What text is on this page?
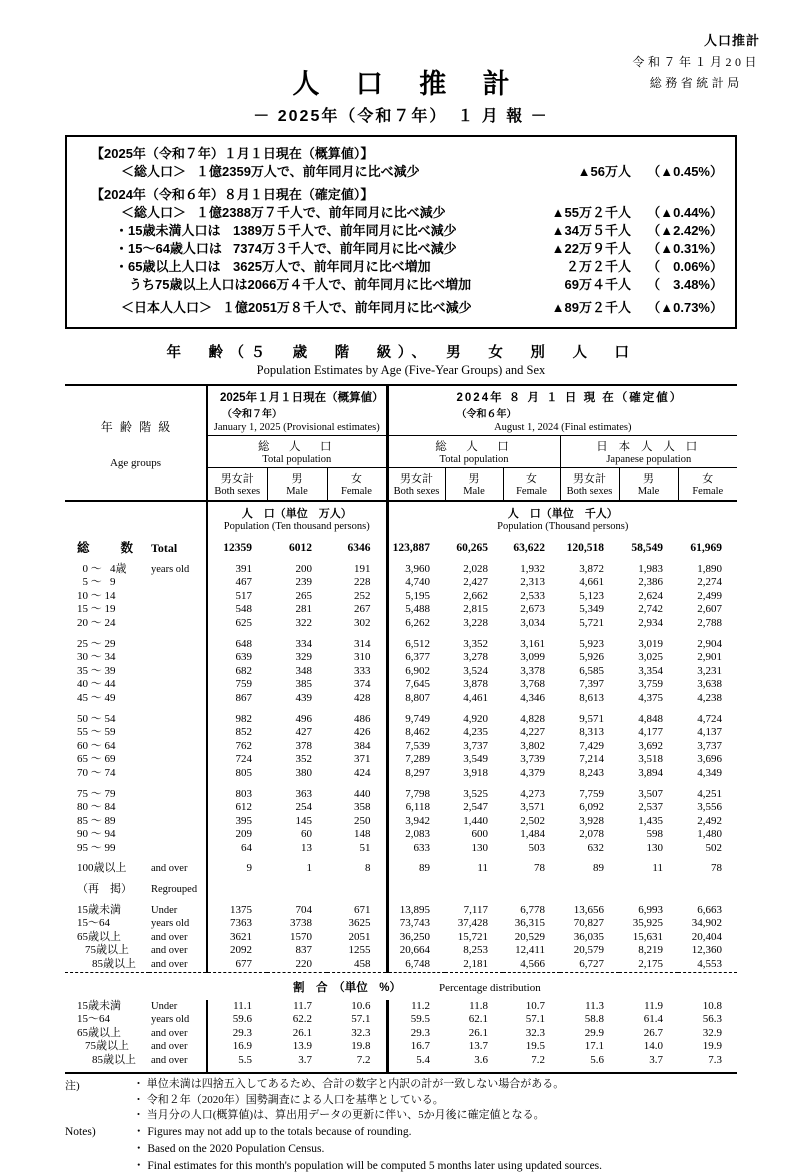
人口推計
令和７年１月20日
総務省統計局
人口推計
－ 2025年（令和７年）　１ 月 報 －
【2025年（令和７年）１月１日現在（概算値）】
＜総人口＞ １億2359万人で、前年同月に比べ減少	▲56万人	（▲0.45%）
【2024年（令和６年）８月１日現在（確定値）】
＜総人口＞ １億2388万７千人で、前年同月に比べ減少	▲55万２千人	（▲0.44%）
・15歳未満人口は 1389万５千人で、前年同月に比べ減少	▲34万５千人	（▲2.42%）
・15～64歳人口は 7374万３千人で、前年同月に比べ減少	▲22万９千人	（▲0.31%）
・65歳以上人口は 3625万人で、前年同月に比べ増加	２万２千人	（　0.06%）
うち75歳以上人口は 2066万４千人で、前年同月に比べ増加	69万４千人	（　3.48%）
＜日本人人口＞ １億2051万８千人で、前年同月に比べ減少	▲89万２千人	（▲0.73%）
年　齢（５　歳　階　級）、　男　女　別　人　口
Population Estimates by Age (Five-Year Groups) and Sex
年齢階級
Age groups

2025年１月１日現在（概算値）
（令和７年）
January 1, 2025 (Provisional estimates)

2024年 ８ 月 １ 日 現 在（確定値）
（令和６年）
August 1, 2024 (Final estimates)

総　人　口
Total population

総　人　口
Total population

日 本 人 人 口
Japanese population

男女計
Both sexes

男
Male

女
Female

男女計
Both sexes

男
Male

女
Female

男女計
Both sexes

男
Male

女
Female

人　口（単位　万人）
Population (Ten thousand persons)

人　口（単位　千人）
Population (Thousand persons)

総　　数	Total	12359	6012	6346	123,887	60,265	63,622	120,518	58,549	61,969
 0 ～  4歳	years old	391	200	191	3,960	2,028	1,932	3,872	1,983	1,890
 5 ～  9		467	239	228	4,740	2,427	2,313	4,661	2,386	2,274
10 ～ 14		517	265	252	5,195	2,662	2,533	5,123	2,624	2,499
15 ～ 19		548	281	267	5,488	2,815	2,673	5,349	2,742	2,607
20 ～ 24		625	322	302	6,262	3,228	3,034	5,721	2,934	2,788
25 ～ 29		648	334	314	6,512	3,352	3,161	5,923	3,019	2,904
30 ～ 34		639	329	310	6,377	3,278	3,099	5,926	3,025	2,901
35 ～ 39		682	348	333	6,902	3,524	3,378	6,585	3,354	3,231
40 ～ 44		759	385	374	7,645	3,878	3,768	7,397	3,759	3,638
45 ～ 49		867	439	428	8,807	4,461	4,346	8,613	4,375	4,238
50 ～ 54		982	496	486	9,749	4,920	4,828	9,571	4,848	4,724
55 ～ 59		852	427	426	8,462	4,235	4,227	8,313	4,177	4,137
60 ～ 64		762	378	384	7,539	3,737	3,802	7,429	3,692	3,737
65 ～ 69		724	352	371	7,289	3,549	3,739	7,214	3,518	3,696
70 ～ 74		805	380	424	8,297	3,918	4,379	8,243	3,894	4,349
75 ～ 79		803	363	440	7,798	3,525	4,273	7,759	3,507	4,251
80 ～ 84		612	254	358	6,118	2,547	3,571	6,092	2,537	3,556
85 ～ 89		395	145	250	3,942	1,440	2,502	3,928	1,435	2,492
90 ～ 94		209	60	148	2,083	600	1,484	2,078	598	1,480
95 ～ 99		64	13	51	633	130	503	632	130	502
100歳以上	and over	9	1	8	89	11	78	89	11	78
（再　掲）	Regrouped									
15歳未満	Under	1375	704	671	13,895	7,117	6,778	13,656	6,993	6,663
15～64	years old	7363	3738	3625	73,743	37,428	36,315	70,827	35,925	34,902
65歳以上	and over	3621	1570	2051	36,250	15,721	20,529	36,035	15,631	20,404
75歳以上	and over	2092	837	1255	20,664	8,253	12,411	20,579	8,219	12,360
85歳以上	and over	677	220	458	6,748	2,181	4,566	6,727	2,175	4,553
割　合　（単位　%） Percentage distribution										
15歳未満	Under	11.1	11.7	10.6	11.2	11.8	10.7	11.3	11.9	10.8
15～64	years old	59.6	62.2	57.1	59.5	62.1	57.1	58.8	61.4	56.3
65歳以上	and over	29.3	26.1	32.3	29.3	26.1	32.3	29.9	26.7	32.9
75歳以上	and over	16.9	13.9	19.8	16.7	13.7	19.5	17.1	14.0	19.9
85歳以上	and over	5.5	3.7	7.2	5.4	3.6	7.2	5.6	3.7	7.3
注)	・ 単位未満は四捨五入してあるため、合計の数字と内訳の計が一致しない場合がある。
・ 令和２年（2020年）国勢調査による人口を基準としている。
・ 当月分の人口(概算値)は、算出用データの更新に伴い、5か月後に確定値となる。
Notes)	・ Figures may not add up to the totals because of rounding.
・ Based on the 2020 Population Census.
・ Final estimates for this month's population will be computed 5 months later using updated sources.
